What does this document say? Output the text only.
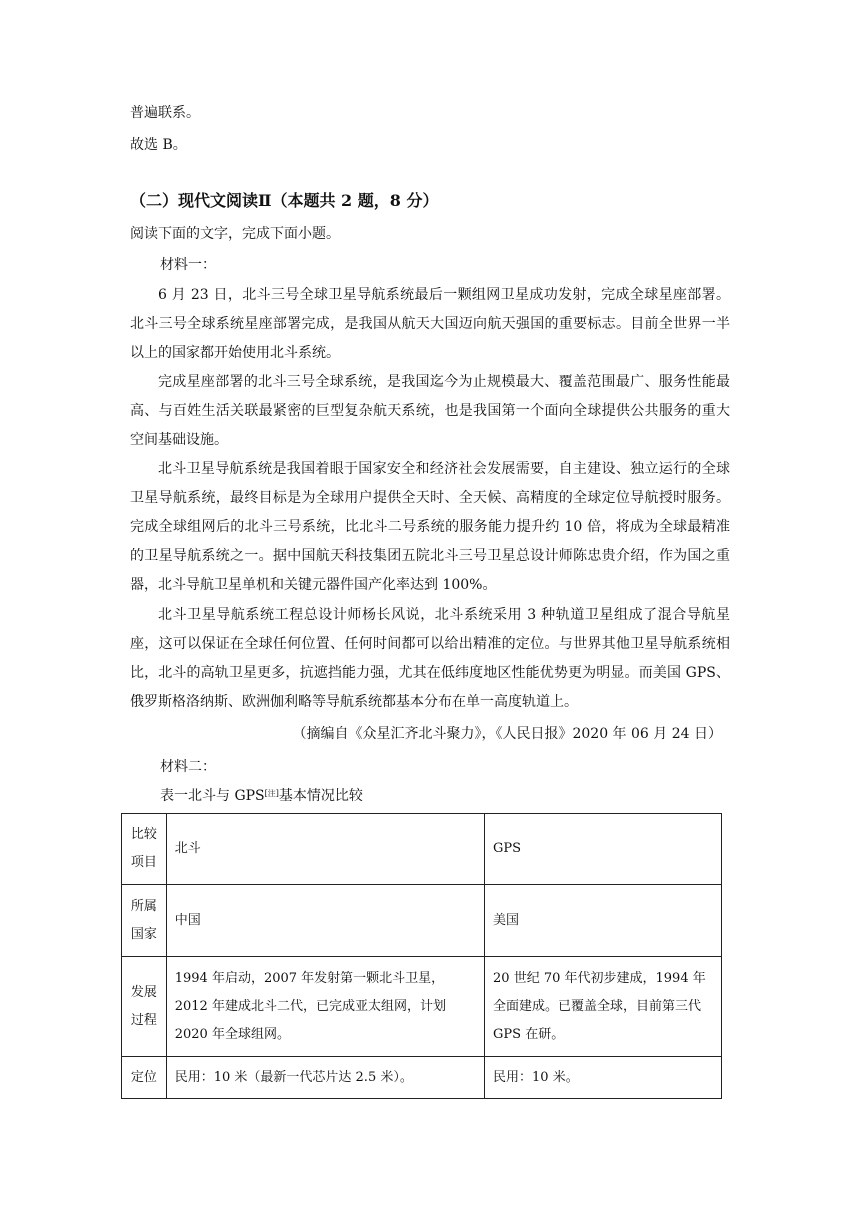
普遍联系。
故选 B。
（二）现代文阅读Ⅱ（本题共 2 题，8 分）
阅读下面的文字，完成下面小题。
材料一：

6 月 23 日，北斗三号全球卫星导航系统最后一颗组网卫星成功发射，完成全球星座部署。北斗三号全球系统星座部署完成，是我国从航天大国迈向航天强国的重要标志。目前全世界一半以上的国家都开始使用北斗系统。

完成星座部署的北斗三号全球系统，是我国迄今为止规模最大、覆盖范围最广、服务性能最高、与百姓生活关联最紧密的巨型复杂航天系统，也是我国第一个面向全球提供公共服务的重大空间基础设施。

北斗卫星导航系统是我国着眼于国家安全和经济社会发展需要，自主建设、独立运行的全球卫星导航系统，最终目标是为全球用户提供全天时、全天候、高精度的全球定位导航授时服务。完成全球组网后的北斗三号系统，比北斗二号系统的服务能力提升约 10 倍，将成为全球最精准的卫星导航系统之一。据中国航天科技集团五院北斗三号卫星总设计师陈忠贵介绍，作为国之重器，北斗导航卫星单机和关键元器件国产化率达到 100%。

北斗卫星导航系统工程总设计师杨长风说，北斗系统采用 3 种轨道卫星组成了混合导航星座，这可以保证在全球任何位置、任何时间都可以给出精准的定位。与世界其他卫星导航系统相比，北斗的高轨卫星更多，抗遮挡能力强，尤其在低纬度地区性能优势更为明显。而美国 GPS、俄罗斯格洛纳斯、欧洲伽利略等导航系统都基本分布在单一高度轨道上。

（摘编自《众星汇齐北斗聚力》，《人民日报》2020 年 06 月 24 日）
材料二：
表一北斗与 GPS[注]基本情况比较
比较项目	北斗	GPS
所属国家	中国	美国
发展过程	1994 年启动，2007 年发射第一颗北斗卫星，2012 年建成北斗二代，已完成亚太组网，计划 2020 年全球组网。	20 世纪 70 年代初步建成，1994 年全面建成。已覆盖全球，目前第三代 GPS 在研。
定位	民用：10 米（最新一代芯片达 2.5 米）。	民用：10 米。
